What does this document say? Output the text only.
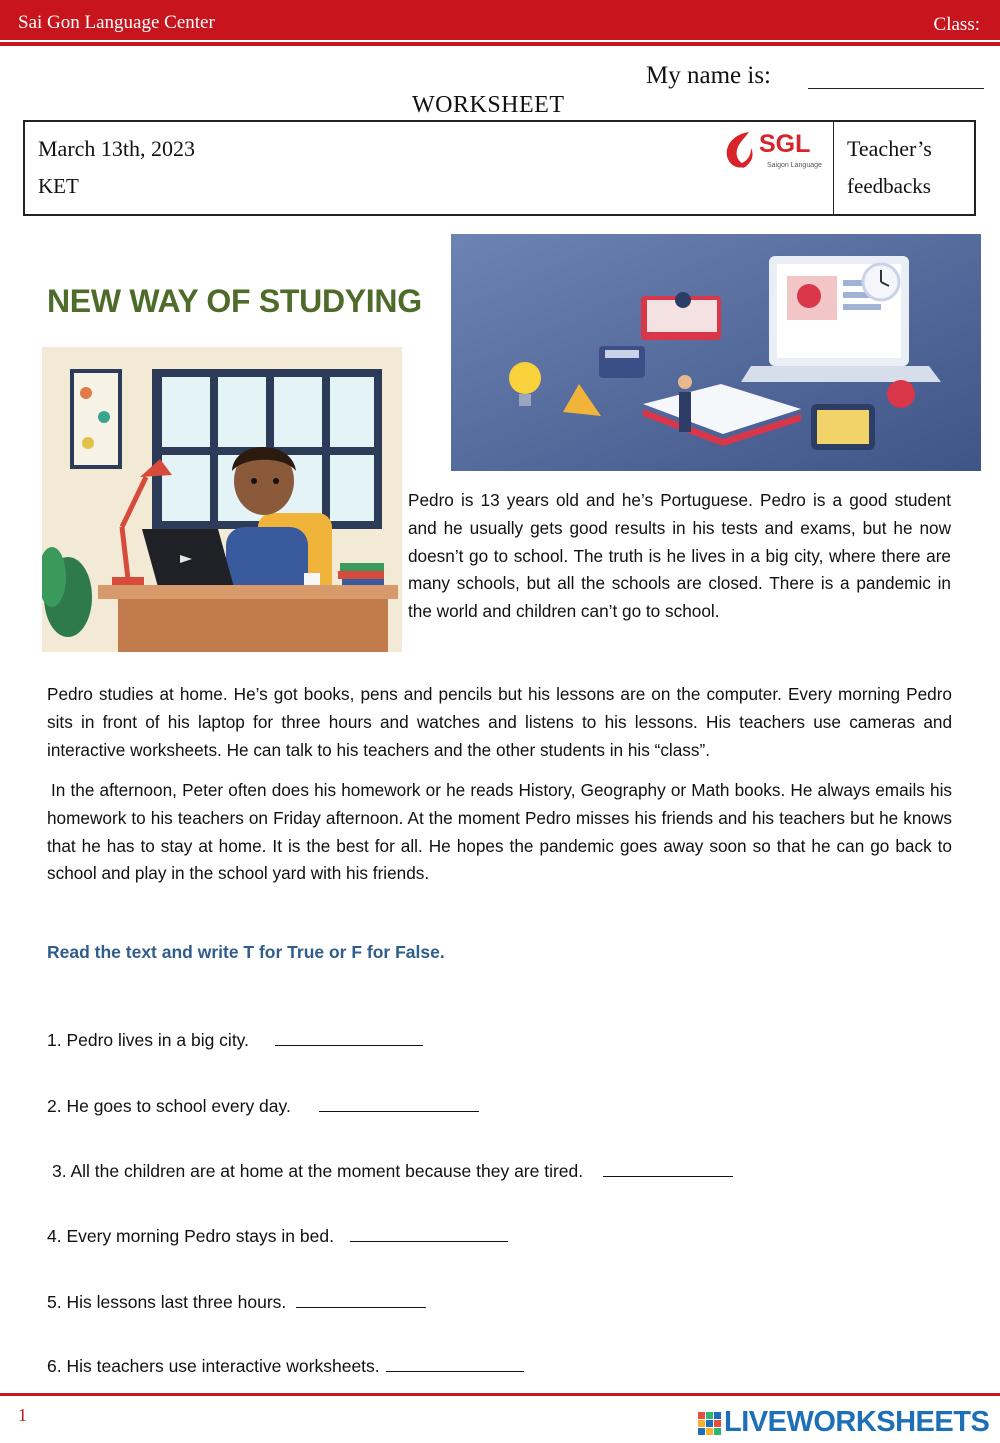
Sai Gon Language Center	Class:
My name is:
WORKSHEET
March 13th, 2023
KET
SGL
Saigon Language
Teacher’s
feedbacks
NEW WAY OF STUDYING
Pedro is 13 years old and he’s Portuguese. Pedro is a good student and he usually gets good results in his tests and exams, but he now doesn’t go to school. The truth is he lives in a big city, where there are many schools, but all the schools are closed. There is a pandemic in the world and children can’t go to school.
Pedro studies at home. He’s got books, pens and pencils but his lessons are on the computer. Every morning Pedro sits in front of his laptop for three hours and watches and listens to his lessons. His teachers use cameras and interactive worksheets. He can talk to his teachers and the other students in his “class”.
In the afternoon, Peter often does his homework or he reads History, Geography or Math books. He always emails his homework to his teachers on Friday afternoon. At the moment Pedro misses his friends and his teachers but he knows that he has to stay at home. It is the best for all. He hopes the pandemic goes away soon so that he can go back to school and play in the school yard with his friends.
Read the text and write T for True or F for False.
1. Pedro lives in a big city.
2. He goes to school every day.
3. All the children are at home at the moment because they are tired.
4. Every morning Pedro stays in bed.
5. His lessons last three hours.
6. His teachers use interactive worksheets.
1	LIVEWORKSHEETS
